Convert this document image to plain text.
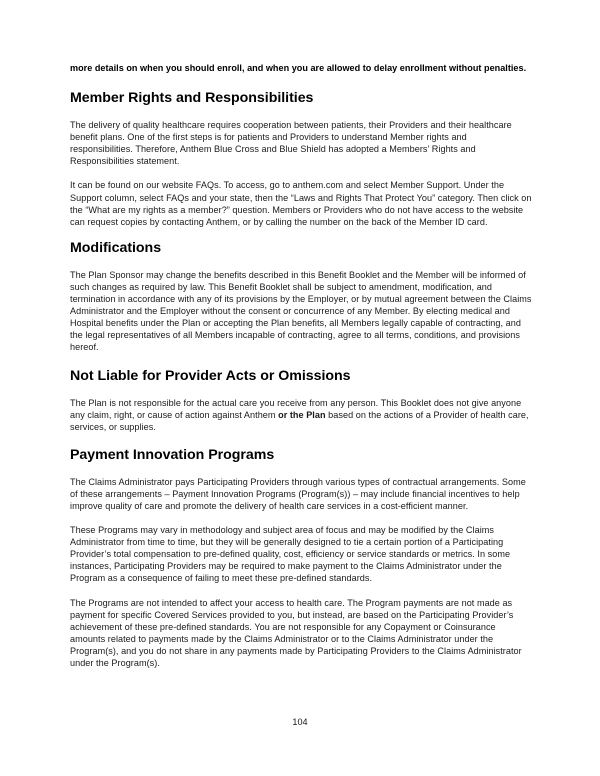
more details on when you should enroll, and when you are allowed to delay enrollment without penalties.

Member Rights and Responsibilities

The delivery of quality healthcare requires cooperation between patients, their Providers and their healthcare benefit plans. One of the first steps is for patients and Providers to understand Member rights and responsibilities. Therefore, Anthem Blue Cross and Blue Shield has adopted a Members’ Rights and Responsibilities statement.

It can be found on our website FAQs. To access, go to anthem.com and select Member Support. Under the Support column, select FAQs and your state, then the “Laws and Rights That Protect You” category. Then click on the “What are my rights as a member?” question. Members or Providers who do not have access to the website can request copies by contacting Anthem, or by calling the number on the back of the Member ID card.

Modifications

The Plan Sponsor may change the benefits described in this Benefit Booklet and the Member will be informed of such changes as required by law. This Benefit Booklet shall be subject to amendment, modification, and termination in accordance with any of its provisions by the Employer, or by mutual agreement between the Claims Administrator and the Employer without the consent or concurrence of any Member. By electing medical and Hospital benefits under the Plan or accepting the Plan benefits, all Members legally capable of contracting, and the legal representatives of all Members incapable of contracting, agree to all terms, conditions, and provisions hereof.

Not Liable for Provider Acts or Omissions

The Plan is not responsible for the actual care you receive from any person. This Booklet does not give anyone any claim, right, or cause of action against Anthem or the Plan based on the actions of a Provider of health care, services, or supplies.

Payment Innovation Programs

The Claims Administrator pays Participating Providers through various types of contractual arrangements. Some of these arrangements – Payment Innovation Programs (Program(s)) – may include financial incentives to help improve quality of care and promote the delivery of health care services in a cost-efficient manner.

These Programs may vary in methodology and subject area of focus and may be modified by the Claims Administrator from time to time, but they will be generally designed to tie a certain portion of a Participating Provider’s total compensation to pre-defined quality, cost, efficiency or service standards or metrics. In some instances, Participating Providers may be required to make payment to the Claims Administrator under the Program as a consequence of failing to meet these pre-defined standards.

The Programs are not intended to affect your access to health care. The Program payments are not made as payment for specific Covered Services provided to you, but instead, are based on the Participating Provider’s achievement of these pre-defined standards. You are not responsible for any Copayment or Coinsurance amounts related to payments made by the Claims Administrator or to the Claims Administrator under the Program(s), and you do not share in any payments made by Participating Providers to the Claims Administrator under the Program(s).

104
